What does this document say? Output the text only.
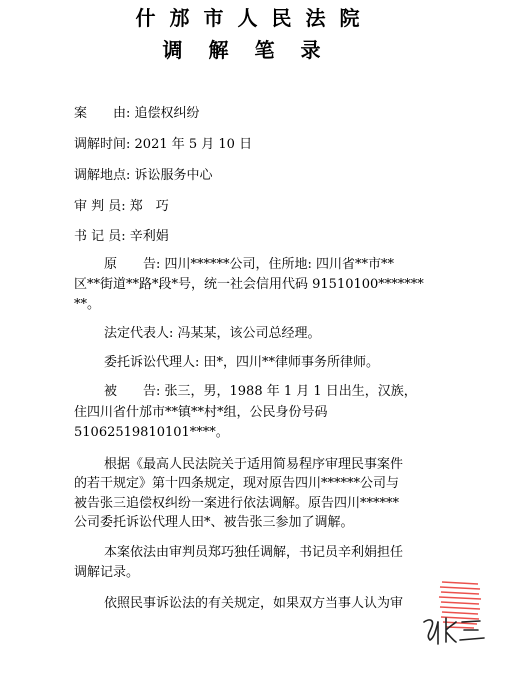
什邡市人民法院
调解笔录
案　　由: 追偿权纠纷
调解时间: 2021 年 5 月 10 日
调解地点: 诉讼服务中心
审 判 员: 郑　巧
书 记 员: 辛利娟
原　　告: 四川******公司，住所地: 四川省**市**
区**街道**路*段*号，统一社会信用代码 91510100*******
**。
法定代表人: 冯某某，该公司总经理。
委托诉讼代理人: 田*，四川**律师事务所律师。
被　　告: 张三，男，1988 年 1 月 1 日出生，汉族，
住四川省什邡市**镇**村*组，公民身份号码
51062519810101****。
根据《最高人民法院关于适用简易程序审理民事案件
的若干规定》第十四条规定，现对原告四川******公司与
被告张三追偿权纠纷一案进行依法调解。原告四川******
公司委托诉讼代理人田*、被告张三参加了调解。
本案依法由审判员郑巧独任调解，书记员辛利娟担任
调解记录。
依照民事诉讼法的有关规定，如果双方当事人认为审
